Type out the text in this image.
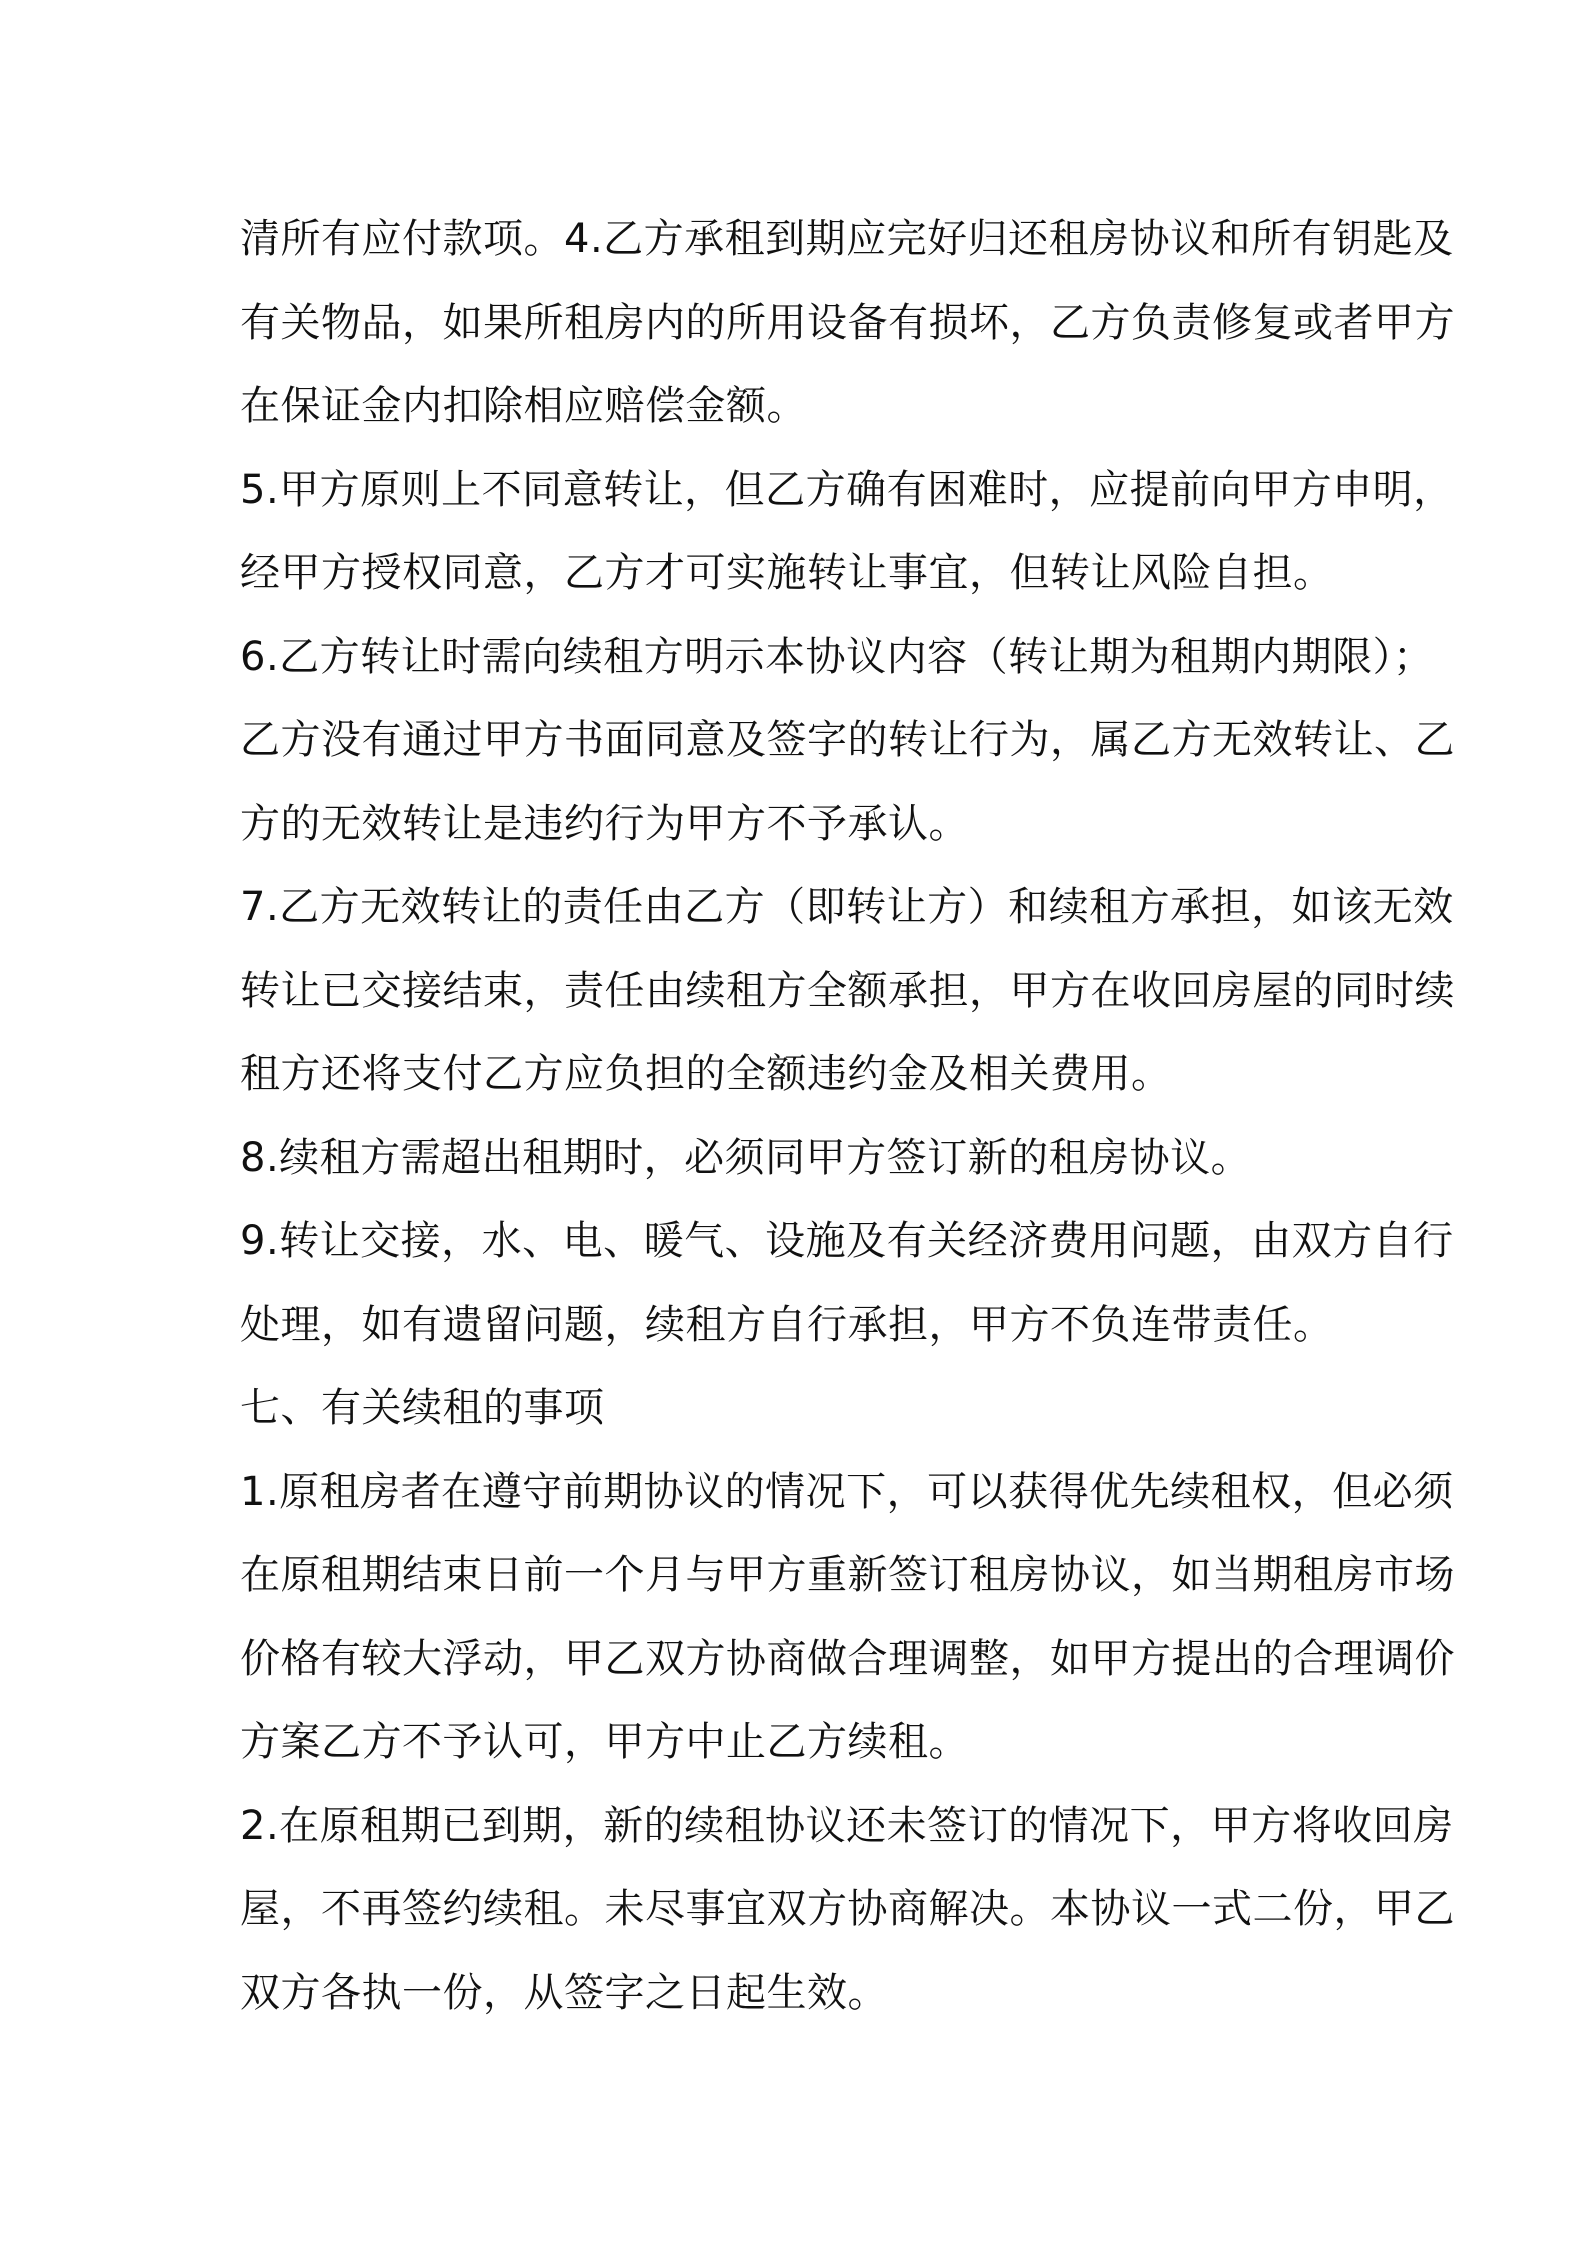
清所有应付款项。4.乙方承租到期应完好归还租房协议和所有钥匙及
有关物品，如果所租房内的所用设备有损坏，乙方负责修复或者甲方
在保证金内扣除相应赔偿金额。
5.甲方原则上不同意转让，但乙方确有困难时，应提前向甲方申明，
经甲方授权同意，乙方才可实施转让事宜，但转让风险自担。
6.乙方转让时需向续租方明示本协议内容（转让期为租期内期限）；
乙方没有通过甲方书面同意及签字的转让行为，属乙方无效转让、乙
方的无效转让是违约行为甲方不予承认。
7.乙方无效转让的责任由乙方（即转让方）和续租方承担，如该无效
转让已交接结束，责任由续租方全额承担，甲方在收回房屋的同时续
租方还将支付乙方应负担的全额违约金及相关费用。
8.续租方需超出租期时，必须同甲方签订新的租房协议。
9.转让交接，水、电、暖气、设施及有关经济费用问题，由双方自行
处理，如有遗留问题，续租方自行承担，甲方不负连带责任。
七、有关续租的事项
1.原租房者在遵守前期协议的情况下，可以获得优先续租权，但必须
在原租期结束日前一个月与甲方重新签订租房协议，如当期租房市场
价格有较大浮动，甲乙双方协商做合理调整，如甲方提出的合理调价
方案乙方不予认可，甲方中止乙方续租。
2.在原租期已到期，新的续租协议还未签订的情况下，甲方将收回房
屋，不再签约续租。未尽事宜双方协商解决。本协议一式二份，甲乙
双方各执一份，从签字之日起生效。
